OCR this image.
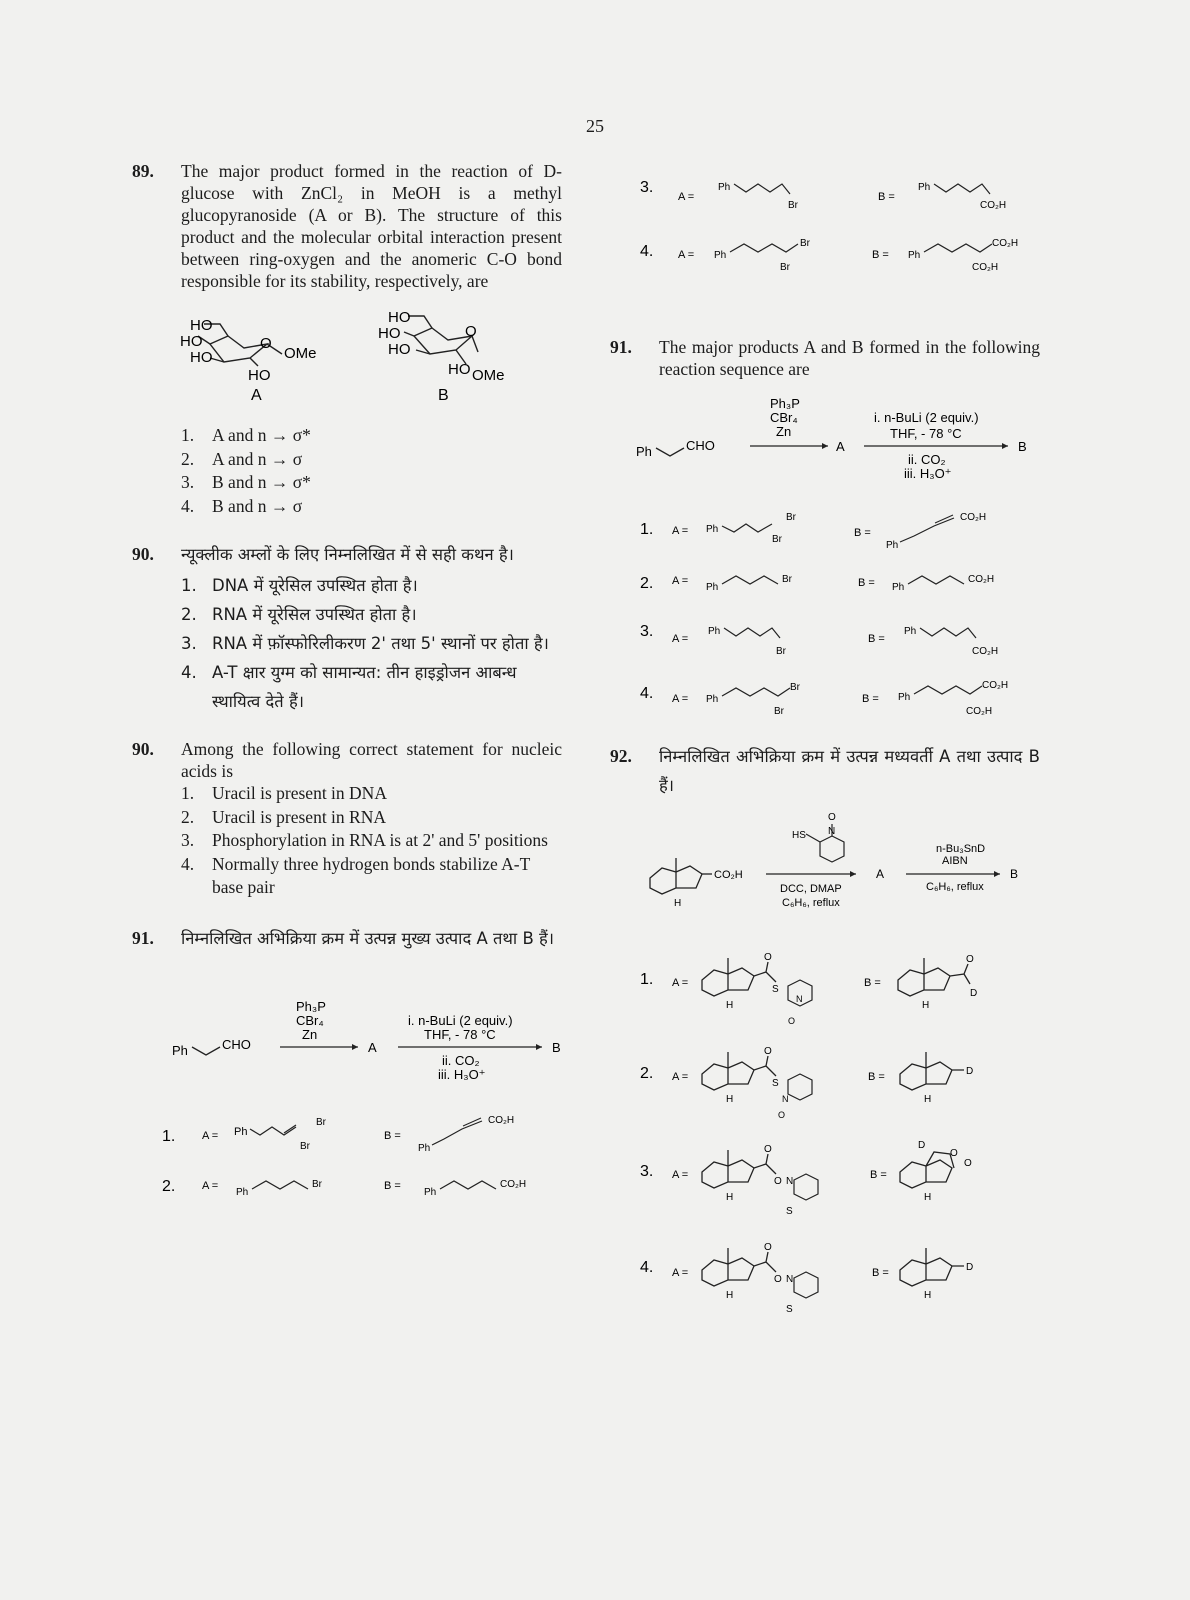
25
89. The major product formed in the reaction of D-glucose with ZnCl₂ in MeOH is a methyl glucopyranoside (A or B). The structure of this product and the molecular orbital interaction present between ring-oxygen and the anomeric C-O bond responsible for its stability, respectively, are
HO
HO
HO
O
OMe
HO
A
HO
HO
HO
O
HO OMe
B
1.	A and n → σ*
2.	A and n → σ
3.	B and n → σ*
4.	B and n → σ
90. न्यूक्लीक अम्लों के लिए निम्नलिखित में से सही कथन है।
1. DNA में यूरेसिल उपस्थित होता है।
2. RNA में यूरेसिल उपस्थित होता है।
3. RNA में फ़ॉस्फोरिलीकरण 2' तथा 5' स्थानों पर होता है।
4. A-T क्षार युग्म को सामान्यत: तीन हाइड्रोजन आबन्ध स्थायित्व देते हैं।
90. Among the following correct statement for nucleic acids is
1.	Uracil is present in DNA
2.	Uracil is present in RNA
3.	Phosphorylation in RNA is at 2' and 5' positions
4.	Normally three hydrogen bonds stabilize A-T base pair
91. निम्नलिखित अभिक्रिया क्रम में उत्पन्न मुख्य उत्पाद A तथा B हैं।
Ph	CHO
Ph₃P
CBr₄
Zn
A
i. n-BuLi (2 equiv.)
THF, - 78 °C
ii. CO₂
iii. H₃O⁺
B
1. A = Ph
Br
Br
B =
Ph
CO₂H
2. A =
Ph
Br	B =
Ph
CO₂H
3.
A =
Ph
Br
B =
Ph
CO₂H
4. A = Ph
Br
Br
B = Ph
CO₂H
CO₂H
91. The major products A and B formed in the following reaction sequence are
Ph	CHO
Ph₃P
CBr₄
Zn
A
i. n-BuLi (2 equiv.)
THF, - 78 °C
ii. CO₂
iii. H₃O⁺
B
1. A = Ph
Br
Br
B =
Ph
CO₂H
2. A =
Ph
Br	B = Ph
CO₂H
3. A =
Ph
Br
B =
Ph
CO₂H
4. A = Ph
Br
Br
B = Ph
CO₂H
CO₂H
92. निम्नलिखित अभिक्रिया क्रम में उत्पन्न मध्यवर्ती A तथा उत्पाद B हैं।
H
CO₂H
HS N
O
DCC, DMAP
C₆H₆, reflux
A
n-Bu₃SnD
AIBN
C₆H₆, reflux
B
1. A =
H
O
S
N
O
B =
H
O
D
2. A =
H
O
S
N
O
B =
H
D
3. A =
H
O
O N
S
B =
H
D
O
O
4. A =
H
O
O N
S
B =
H
D
